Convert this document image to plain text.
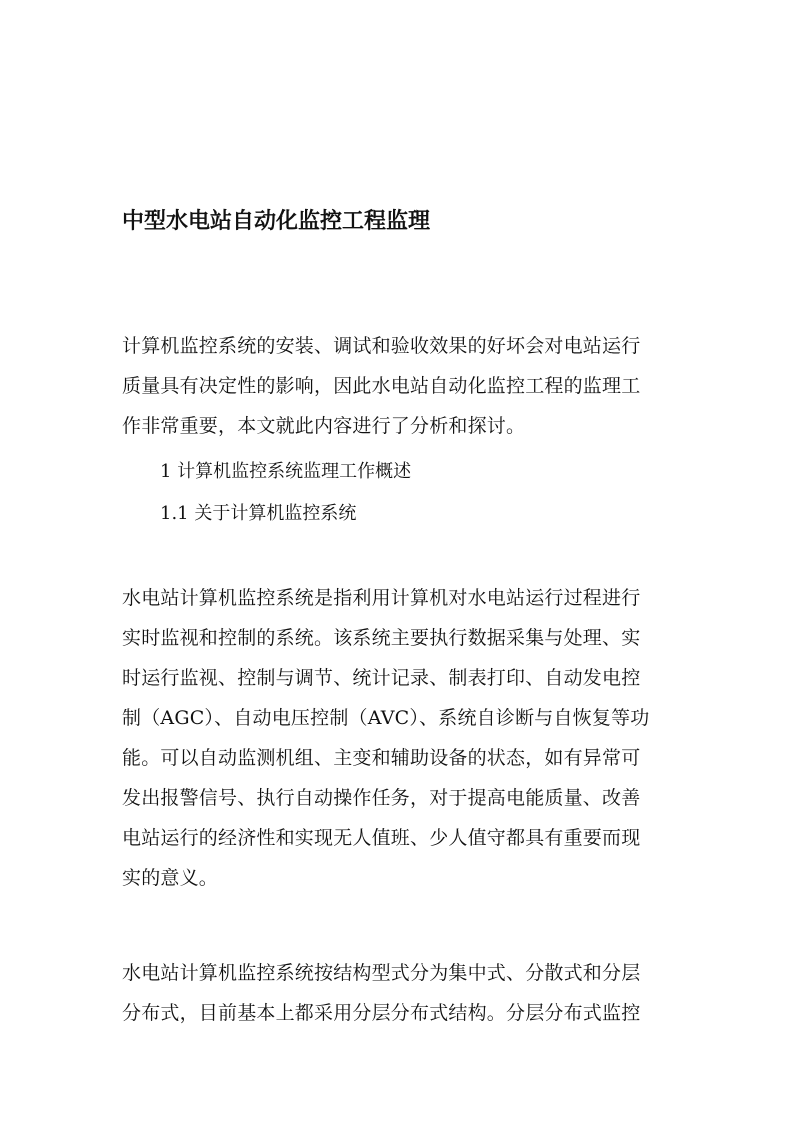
中型水电站自动化监控工程监理
计算机监控系统的安装、调试和验收效果的好坏会对电站运行
质量具有决定性的影响，因此水电站自动化监控工程的监理工
作非常重要，本文就此内容进行了分析和探讨。
1 计算机监控系统监理工作概述
1.1 关于计算机监控系统
水电站计算机监控系统是指利用计算机对水电站运行过程进行
实时监视和控制的系统。该系统主要执行数据采集与处理、实
时运行监视、控制与调节、统计记录、制表打印、自动发电控
制（AGC）、自动电压控制（AVC）、系统自诊断与自恢复等功
能。可以自动监测机组、主变和辅助设备的状态，如有异常可
发出报警信号、执行自动操作任务，对于提高电能质量、改善
电站运行的经济性和实现无人值班、少人值守都具有重要而现
实的意义。
水电站计算机监控系统按结构型式分为集中式、分散式和分层
分布式，目前基本上都采用分层分布式结构。分层分布式监控
